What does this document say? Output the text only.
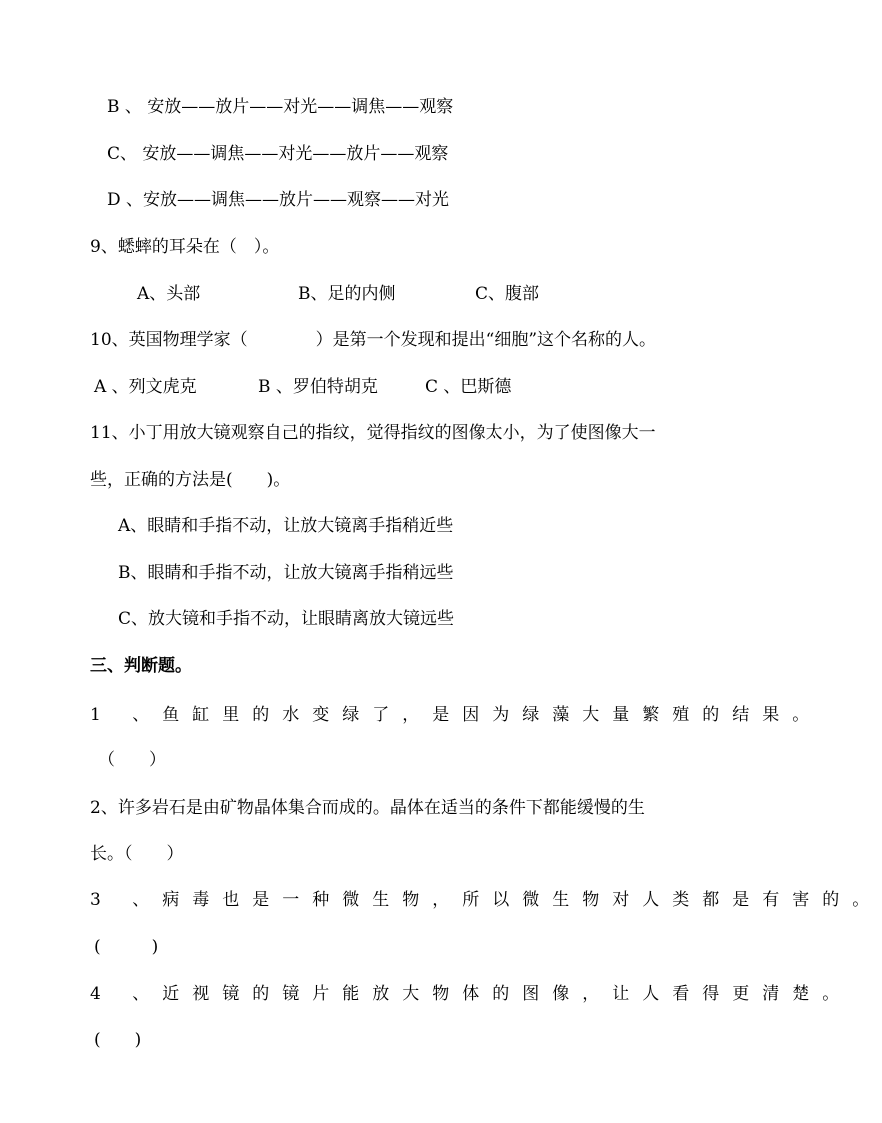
B 、 安放——放片——对光——调焦——观察
C、 安放——调焦——对光——放片——观察
D 、安放——调焦——放片——观察——对光
9、蟋蟀的耳朵在（　）。
A、头部	B、足的内侧	C、腹部
10、英国物理学家（　　　　）是第一个发现和提出“细胞”这个名称的人。
A 、列文虎克	B 、罗伯特胡克	C 、巴斯德
11、小丁用放大镜观察自己的指纹，觉得指纹的图像太小，为了使图像大一
些，正确的方法是(　　)。
A、眼睛和手指不动，让放大镜离手指稍近些
B、眼睛和手指不动，让放大镜离手指稍远些
C、放大镜和手指不动，让眼睛离放大镜远些
三、判断题。
1 、鱼缸里的水变绿了，是因为绿藻大量繁殖的结果。
（　　）
2、许多岩石是由矿物晶体集合而成的。晶体在适当的条件下都能缓慢的生
长。（　　）
3 、病毒也是一种微生物，所以微生物对人类都是有害的。
(　　　)
4 、近视镜的镜片能放大物体的图像，让人看得更清楚。
(　　)
